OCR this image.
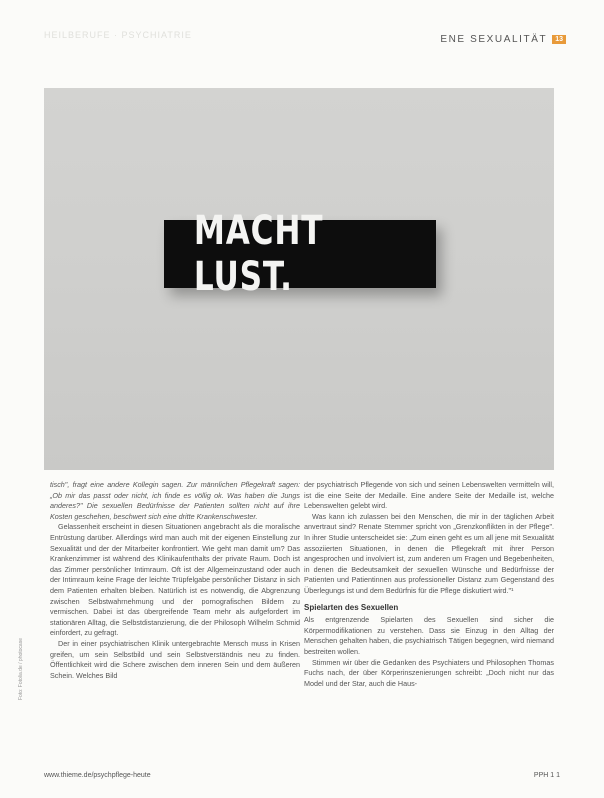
HEILBERUFE · PSYCHIATRIE	ENE SEXUALITÄT	13
MACHT LUST.

tisch", fragt eine andere Kollegin sagen. Zur männlichen Pflegekraft sagen: „Ob mir das passt oder nicht, ich finde es völlig ok. Was haben die Jungs anderes?" Die sexuellen Bedürfnisse der Patienten sollten nicht auf ihre Kosten geschehen, beschwert sich eine dritte Krankenschwester.

Gelassenheit erscheint in diesen Situationen angebracht als die moralische Entrüstung darüber. Allerdings wird man auch mit der eigenen Einstellung zur Sexualität und der der Mitarbeiter konfrontiert. Wie geht man damit um? Das Krankenzimmer ist während des Klinikaufenthalts der private Raum. Doch ist das Zimmer persönlicher Intimraum. Oft ist der Allgemeinzustand oder auch der Intimraum keine Frage der leichte Trüpfelgabe persönlicher Distanz in sich dem Patienten erhalten bleiben. Natürlich ist es notwendig, die Abgrenzung zwischen Selbstwahrnehmung und der pornografischen Bildern zu vermischen. Dabei ist das übergreifende Team mehr als aufgefordert im stationären Alltag, die Selbstdistanzierung, die der Philosoph Wilhelm Schmid einfordert, zu gefragt.

Der in einer psychiatrischen Klinik untergebrachte Mensch muss in Krisen greifen, um sein Selbstbild und sein Selbstverständnis neu zu finden. Öffentlichkeit wird die Schere zwischen dem inneren Sein und dem äußeren Schein. Welches Bild

der psychiatrisch Pflegende von sich und seinen Lebenswelten vermitteln will, ist die eine Seite der Medaille. Eine andere Seite der Medaille ist, welche Lebenswelten gelebt wird.

Was kann ich zulassen bei den Menschen, die mir in der täglichen Arbeit anvertraut sind? Renate Stemmer spricht von „Grenzkonflikten in der Pflege". In ihrer Studie unterscheidet sie: „Zum einen geht es um all jene mit Sexualität assoziierten Situationen, in denen die Pflegekraft mit ihrer Person angesprochen und involviert ist, zum anderen um Fragen und Begebenheiten, in denen die Bedeutsamkeit der sexuellen Wünsche und Bedürfnisse der Patienten und Patientinnen aus professioneller Distanz zum Gegenstand des Überlegungs ist und dem Bedürfnis für die Pflege diskutiert wird."¹

Spielarten des Sexuellen

Als entgrenzende Spielarten des Sexuellen sind sicher die Körpermodifikationen zu verstehen. Dass sie Einzug in den Alltag der Menschen gehalten haben, die psychiatrisch Tätigen begegnen, wird niemand bestreiten wollen.

Stimmen wir über die Gedanken des Psychiaters und Philosophen Thomas Fuchs nach, der über Körperinszenierungen schreibt: „Doch nicht nur das Model und der Star, auch die Haus-

Foto: Fotolia.de / photocase
www.thieme.de/psychpflege-heute	PPH 1 1
